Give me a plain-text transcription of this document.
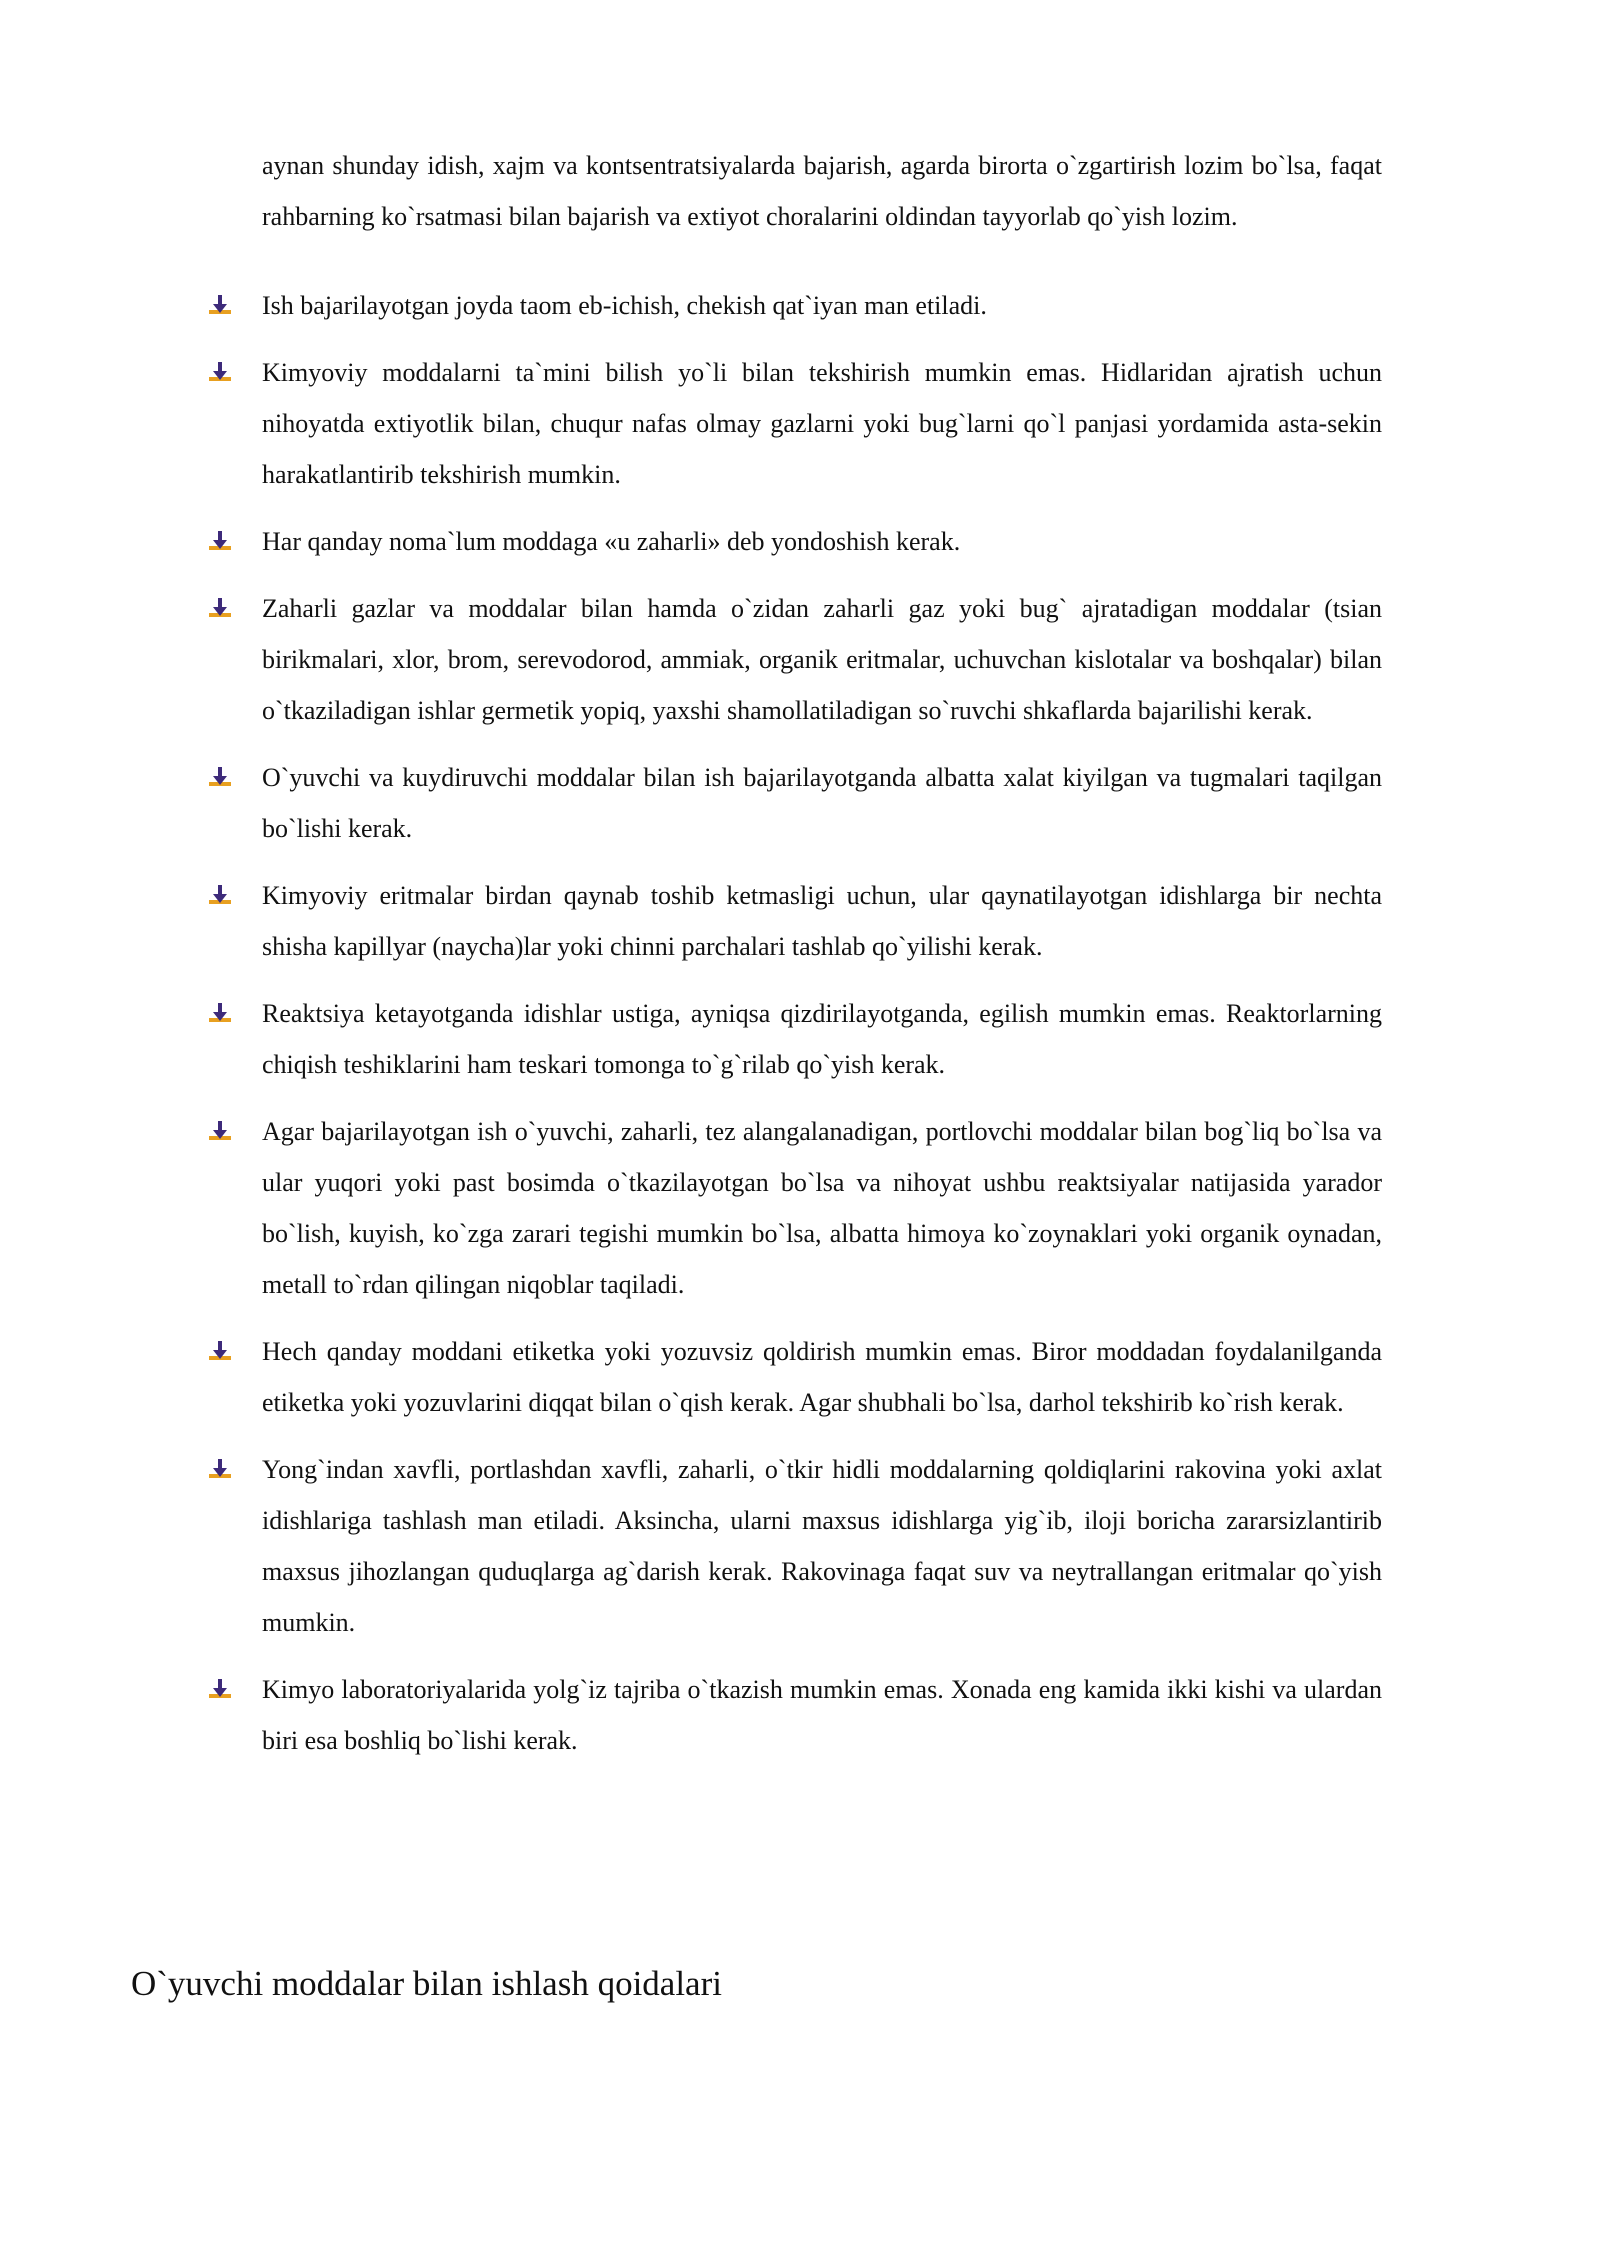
aynan shunday idish, xajm va kontsentratsiyalarda bajarish, agarda birorta o`zgartirish lozim bo`lsa, faqat rahbarning ko`rsatmasi bilan bajarish va extiyot choralarini oldindan tayyorlab qo`yish lozim.

Ish bajarilayotgan joyda taom eb-ichish, chekish qat`iyan man etiladi.
Kimyoviy moddalarni ta`mini bilish yo`li bilan tekshirish mumkin emas. Hidlaridan ajratish uchun nihoyatda extiyotlik bilan, chuqur nafas olmay gazlarni yoki bug`larni qo`l panjasi yordamida asta-sekin harakatlantirib tekshirish mumkin.
Har qanday noma`lum moddaga «u zaharli» deb yondoshish kerak.
Zaharli gazlar va moddalar bilan hamda o`zidan zaharli gaz yoki bug` ajratadigan moddalar (tsian birikmalari, xlor, brom, serevodorod, ammiak, organik eritmalar, uchuvchan kislotalar va boshqalar) bilan o`tkaziladigan ishlar germetik yopiq, yaxshi shamollatiladigan so`ruvchi shkaflarda bajarilishi kerak.
O`yuvchi va kuydiruvchi moddalar bilan ish bajarilayotganda albatta xalat kiyilgan va tugmalari taqilgan bo`lishi kerak.
Kimyoviy eritmalar birdan qaynab toshib ketmasligi uchun, ular qaynatilayotgan idishlarga bir nechta shisha kapillyar (naycha)lar yoki chinni parchalari tashlab qo`yilishi kerak.
Reaktsiya ketayotganda idishlar ustiga, ayniqsa qizdirilayotganda, egilish mumkin emas. Reaktorlarning chiqish teshiklarini ham teskari tomonga to`g`rilab qo`yish kerak.
Agar bajarilayotgan ish o`yuvchi, zaharli, tez alangalanadigan, portlovchi moddalar bilan bog`liq bo`lsa va ular yuqori yoki past bosimda o`tkazilayotgan bo`lsa va nihoyat ushbu reaktsiyalar natijasida yarador bo`lish, kuyish, ko`zga zarari tegishi mumkin bo`lsa, albatta himoya ko`zoynaklari yoki organik oynadan, metall to`rdan qilingan niqoblar taqiladi.
Hech qanday moddani etiketka yoki yozuvsiz qoldirish mumkin emas. Biror moddadan foydalanilganda etiketka yoki yozuvlarini diqqat bilan o`qish kerak. Agar shubhali bo`lsa, darhol tekshirib ko`rish kerak.
Yong`indan xavfli, portlashdan xavfli, zaharli, o`tkir hidli moddalarning qoldiqlarini rakovina yoki axlat idishlariga tashlash man etiladi. Aksincha, ularni maxsus idishlarga yig`ib, iloji boricha zararsizlantirib maxsus jihozlangan quduqlarga ag`darish kerak. Rakovinaga faqat suv va neytrallangan eritmalar qo`yish mumkin.
Kimyo laboratoriyalarida yolg`iz tajriba o`tkazish mumkin emas. Xonada eng kamida ikki kishi va ulardan biri esa boshliq bo`lishi kerak.
O`yuvchi moddalar bilan ishlash qoidalari
